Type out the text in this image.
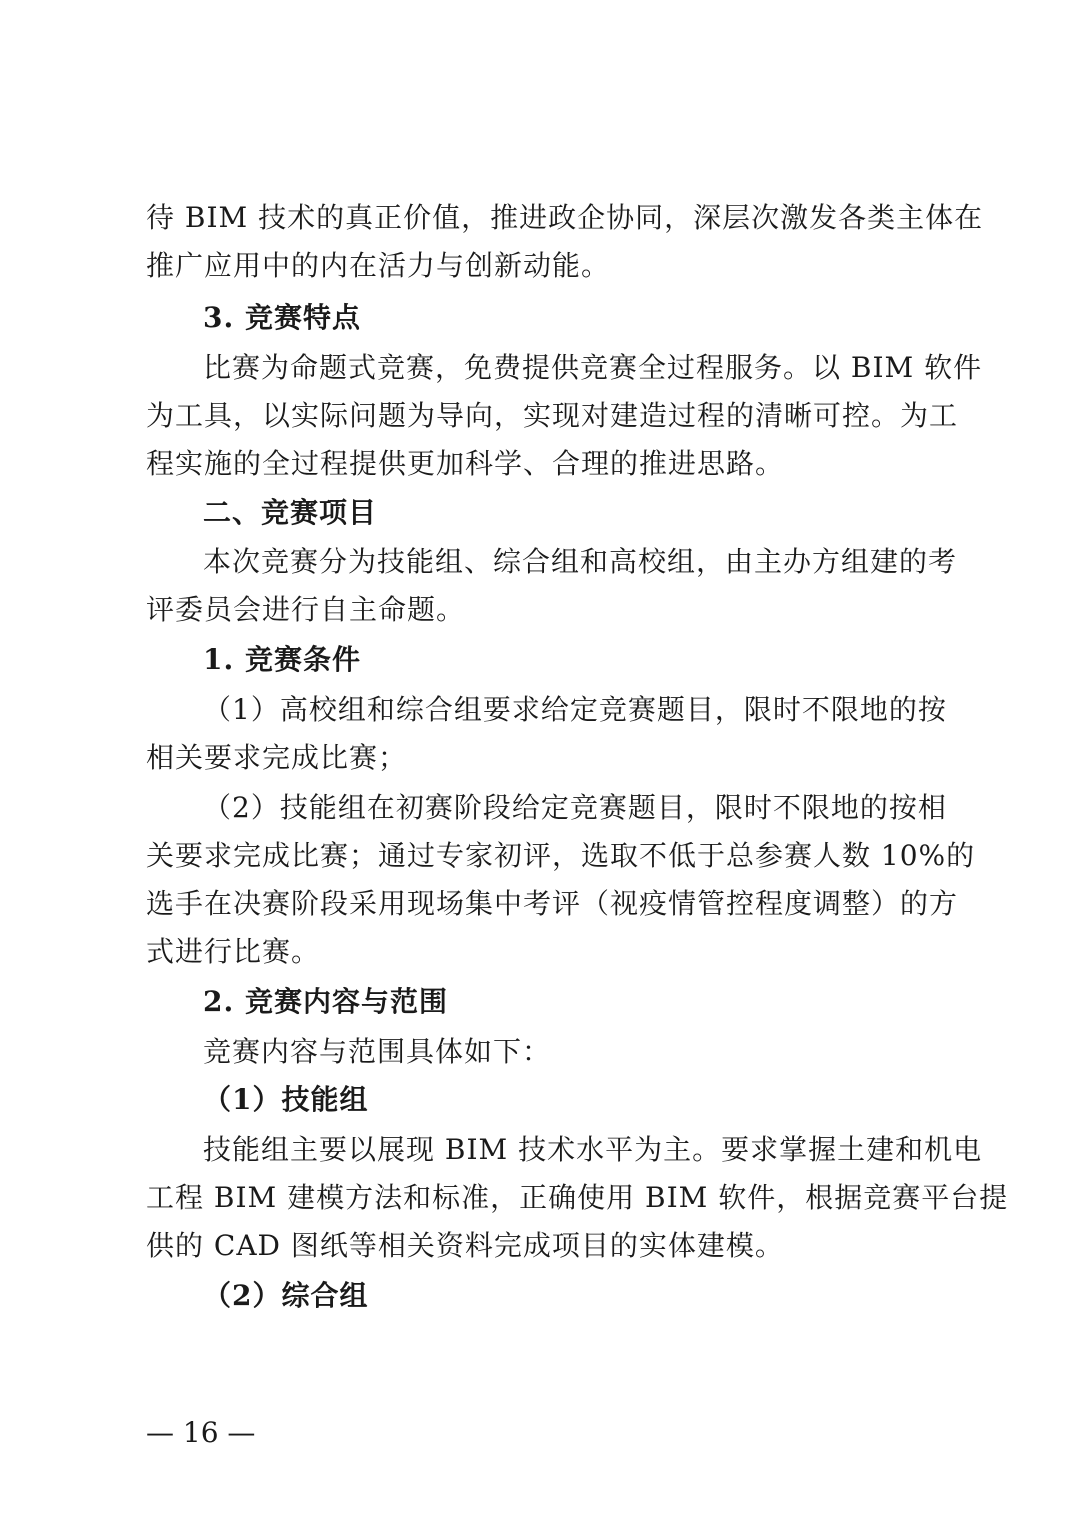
待 BIM 技术的真正价值，推进政企协同，深层次激发各类主体在
推广应用中的内在活力与创新动能。
3. 竞赛特点
比赛为命题式竞赛，免费提供竞赛全过程服务。以 BIM 软件
为工具，以实际问题为导向，实现对建造过程的清晰可控。为工
程实施的全过程提供更加科学、合理的推进思路。
二、竞赛项目
本次竞赛分为技能组、综合组和高校组，由主办方组建的考
评委员会进行自主命题。
1. 竞赛条件
（1）高校组和综合组要求给定竞赛题目，限时不限地的按
相关要求完成比赛；
（2）技能组在初赛阶段给定竞赛题目，限时不限地的按相
关要求完成比赛；通过专家初评，选取不低于总参赛人数 10%的
选手在决赛阶段采用现场集中考评（视疫情管控程度调整）的方
式进行比赛。
2. 竞赛内容与范围
竞赛内容与范围具体如下：
（1）技能组
技能组主要以展现 BIM 技术水平为主。要求掌握土建和机电
工程 BIM 建模方法和标准，正确使用 BIM 软件，根据竞赛平台提
供的 CAD 图纸等相关资料完成项目的实体建模。
（2）综合组
— 16 —
